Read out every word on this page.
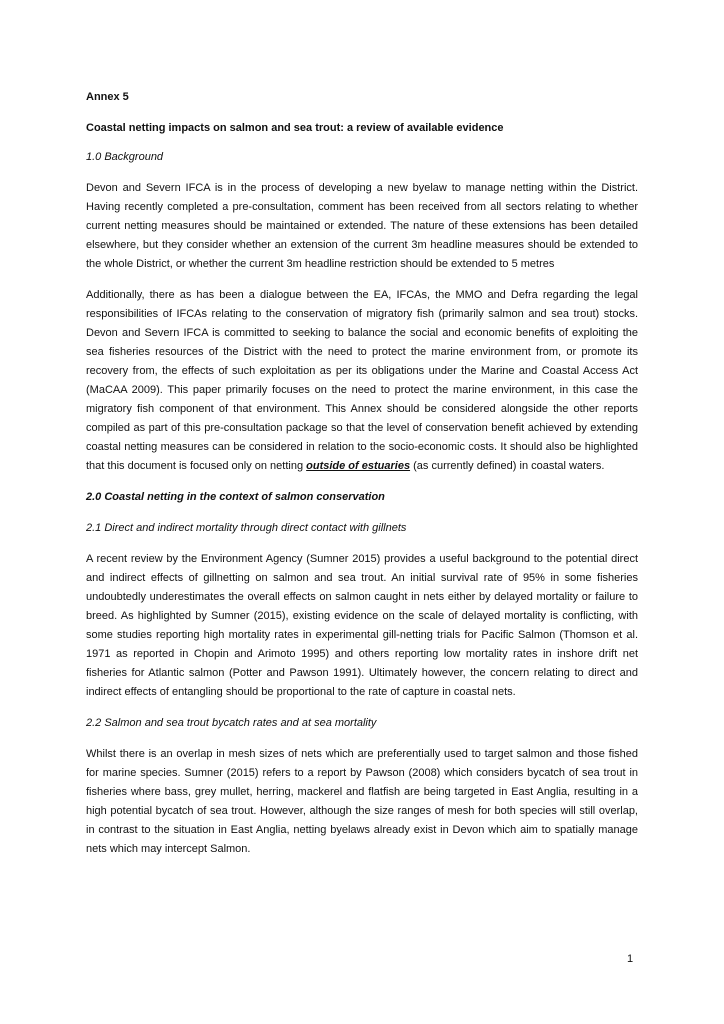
Annex 5

Coastal netting impacts on salmon and sea trout: a review of available evidence

1.0 Background

Devon and Severn IFCA is in the process of developing a new byelaw to manage netting within the District. Having recently completed a pre-consultation, comment has been received from all sectors relating to whether current netting measures should be maintained or extended. The nature of these extensions has been detailed elsewhere, but they consider whether an extension of the current 3m headline measures should be extended to the whole District, or whether the current 3m headline restriction should be extended to 5 metres

Additionally, there as has been a dialogue between the EA, IFCAs, the MMO and Defra regarding the legal responsibilities of IFCAs relating to the conservation of migratory fish (primarily salmon and sea trout) stocks. Devon and Severn IFCA is committed to seeking to balance the social and economic benefits of exploiting the sea fisheries resources of the District with the need to protect the marine environment from, or promote its recovery from, the effects of such exploitation as per its obligations under the Marine and Coastal Access Act (MaCAA 2009). This paper primarily focuses on the need to protect the marine environment, in this case the migratory fish component of that environment. This Annex should be considered alongside the other reports compiled as part of this pre-consultation package so that the level of conservation benefit achieved by extending coastal netting measures can be considered in relation to the socio-economic costs. It should also be highlighted that this document is focused only on netting outside of estuaries (as currently defined) in coastal waters.

2.0 Coastal netting in the context of salmon conservation

2.1 Direct and indirect mortality through direct contact with gillnets

A recent review by the Environment Agency (Sumner 2015) provides a useful background to the potential direct and indirect effects of gillnetting on salmon and sea trout. An initial survival rate of 95% in some fisheries undoubtedly underestimates the overall effects on salmon caught in nets either by delayed mortality or failure to breed. As highlighted by Sumner (2015), existing evidence on the scale of delayed mortality is conflicting, with some studies reporting high mortality rates in experimental gill-netting trials for Pacific Salmon (Thomson et al. 1971 as reported in Chopin and Arimoto 1995) and others reporting low mortality rates in inshore drift net fisheries for Atlantic salmon (Potter and Pawson 1991). Ultimately however, the concern relating to direct and indirect effects of entangling should be proportional to the rate of capture in coastal nets.

2.2 Salmon and sea trout bycatch rates and at sea mortality

Whilst there is an overlap in mesh sizes of nets which are preferentially used to target salmon and those fished for marine species. Sumner (2015) refers to a report by Pawson (2008) which considers bycatch of sea trout in fisheries where bass, grey mullet, herring, mackerel and flatfish are being targeted in East Anglia, resulting in a high potential bycatch of sea trout. However, although the size ranges of mesh for both species will still overlap, in contrast to the situation in East Anglia, netting byelaws already exist in Devon which aim to spatially manage nets which may intercept Salmon.

1
